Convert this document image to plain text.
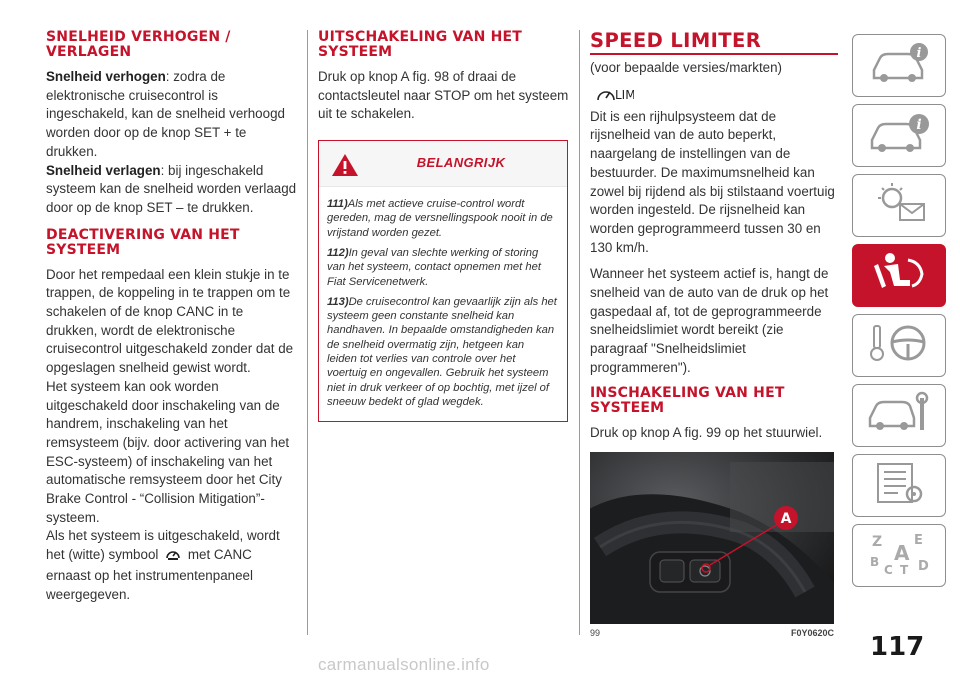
SNELHEID VERHOGEN / VERLAGEN

Snelheid verhogen: zodra de elektronische cruisecontrol is ingeschakeld, kan de snelheid verhoogd worden door op de knop SET + te drukken.

Snelheid verlagen: bij ingeschakeld systeem kan de snelheid worden verlaagd door op de knop SET – te drukken.

DEACTIVERING VAN HET SYSTEEM

Door het rempedaal een klein stukje in te trappen, de koppeling in te trappen om te schakelen of de knop CANC in te drukken, wordt de elektronische cruisecontrol uitgeschakeld zonder dat de opgeslagen snelheid gewist wordt.

Het systeem kan ook worden uitgeschakeld door inschakeling van de handrem, inschakeling van het remsysteem (bijv. door activering van het ESC-systeem) of inschakeling van het automatische remsysteem door het City Brake Control - “Collision Mitigation”-systeem.

Als het systeem is uitgeschakeld, wordt het (witte) symbool met CANC ernaast op het instrumentenpaneel weergegeven.

UITSCHAKELING VAN HET SYSTEEM

Druk op knop A fig. 98 of draai de contactsleutel naar STOP om het systeem uit te schakelen.

BELANGRIJK

111)Als met actieve cruise-control wordt gereden, mag de versnellingspook nooit in de vrijstand worden gezet.

112)In geval van slechte werking of storing van het systeem, contact opnemen met het Fiat Servicenetwerk.

113)De cruisecontrol kan gevaarlijk zijn als het systeem geen constante snelheid kan handhaven. In bepaalde omstandigheden kan de snelheid overmatig zijn, hetgeen kan leiden tot verlies van controle over het voertuig en ongevallen. Gebruik het systeem niet in druk verkeer of op bochtig, met ijzel of sneeuw bedekt of glad wegdek.

SPEED LIMITER

(voor bepaalde versies/markten)

LIM

Dit is een rijhulpsysteem dat de rijsnelheid van de auto beperkt, naargelang de instellingen van de bestuurder. De maximumsnelheid kan zowel bij rijdend als bij stilstaand voertuig worden ingesteld. De rijsnelheid kan worden geprogrammeerd tussen 30 en 130 km/h.

Wanneer het systeem actief is, hangt de snelheid van de auto van de druk op het gaspedaal af, tot de geprogrammeerde snelheidslimiet wordt bereikt (zie paragraaf "Snelheidslimiet programmeren").

INSCHAKELING VAN HET SYSTEEM

Druk op knop A fig. 99 op het stuurwiel.

A
99	F0Y0620C
i
i
Z E
B A
C T D
117
carmanualsonline.info
